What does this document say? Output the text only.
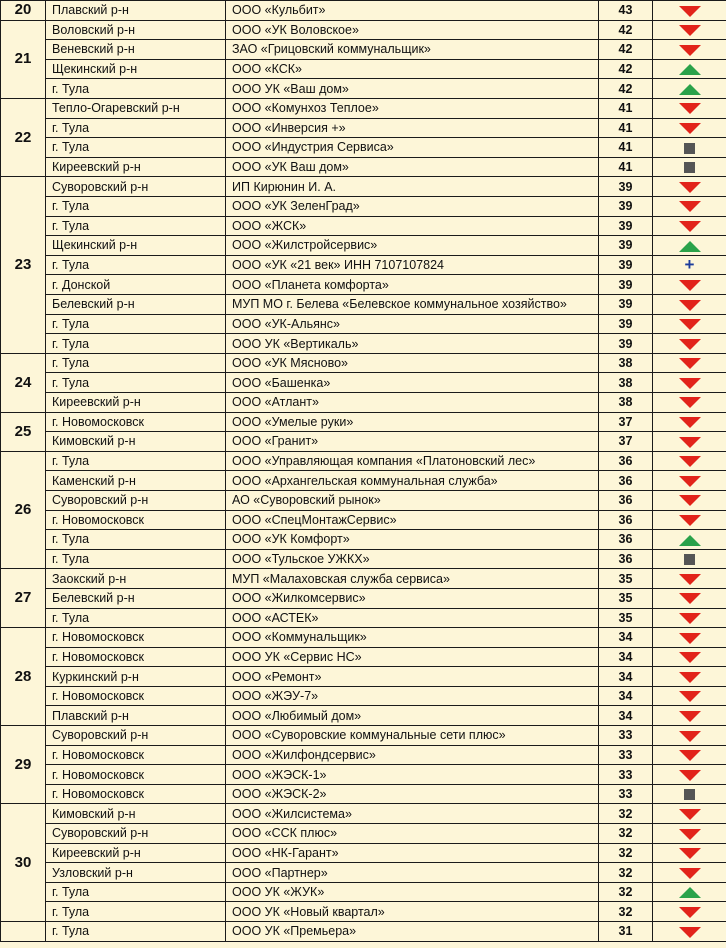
20	Плавский р-н	ООО «Кульбит»	43	
21	Воловский р-н	ООО «УК Воловское»	42	
	Веневский р-н	ЗАО «Грицовский коммунальщик»	42	
	Щекинский р-н	ООО «КСК»	42	
	г. Тула	ООО УК «Ваш дом»	42	
22	Тепло-Огаревский р-н	ООО «Комунхоз Теплое»	41	
	г. Тула	ООО «Инверсия +»	41	
	г. Тула	ООО «Индустрия Сервиса»	41	
	Киреевский р-н	ООО «УК Ваш дом»	41	
23	Суворовский р-н	ИП Кирюнин И. А.	39	
	г. Тула	ООО «УК ЗеленГрад»	39	
	г. Тула	ООО «ЖСК»	39	
	Щекинский р-н	ООО «Жилстройсервис»	39	
	г. Тула	ООО «УК «21 век» ИНН 7107107824	39	+
	г. Донской	ООО «Планета комфорта»	39	
	Белевский р-н	МУП МО г. Белева «Белевское коммунальное хозяйство»	39	
	г. Тула	ООО «УК-Альянс»	39	
	г. Тула	ООО УК «Вертикаль»	39	
24	г. Тула	ООО «УК Мясново»	38	
	г. Тула	ООО «Башенка»	38	
	Киреевский р-н	ООО «Атлант»	38	
25	г. Новомосковск	ООО «Умелые руки»	37	
	Кимовский р-н	ООО «Гранит»	37	
26	г. Тула	ООО «Управляющая компания «Платоновский лес»	36	
	Каменский р-н	ООО «Архангельская коммунальная служба»	36	
	Суворовский р-н	АО «Суворовский рынок»	36	
	г. Новомосковск	ООО «СпецМонтажСервис»	36	
	г. Тула	ООО «УК Комфорт»	36	
	г. Тула	ООО «Тульское УЖКХ»	36	
27	Заокский р-н	МУП «Малаховская служба сервиса»	35	
	Белевский р-н	ООО «Жилкомсервис»	35	
	г. Тула	ООО «АСТЕК»	35	
28	г. Новомосковск	ООО «Коммунальщик»	34	
	г. Новомосковск	ООО УК «Сервис НС»	34	
	Куркинский р-н	ООО «Ремонт»	34	
	г. Новомосковск	ООО «ЖЭУ-7»	34	
	Плавский р-н	ООО «Любимый дом»	34	
29	Суворовский р-н	ООО «Суворовские коммунальные сети плюс»	33	
	г. Новомосковск	ООО «Жилфондсервис»	33	
	г. Новомосковск	ООО «ЖЭСК-1»	33	
	г. Новомосковск	ООО «ЖЭСК-2»	33	
30	Кимовский р-н	ООО «Жилсистема»	32	
	Суворовский р-н	ООО «ССК плюс»	32	
	Киреевский р-н	ООО «НК-Гарант»	32	
	Узловский р-н	ООО «Партнер»	32	
	г. Тула	ООО УК «ЖУК»	32	
	г. Тула	ООО УК «Новый квартал»	32	
	г. Тула	ООО УК «Премьера»	31	
